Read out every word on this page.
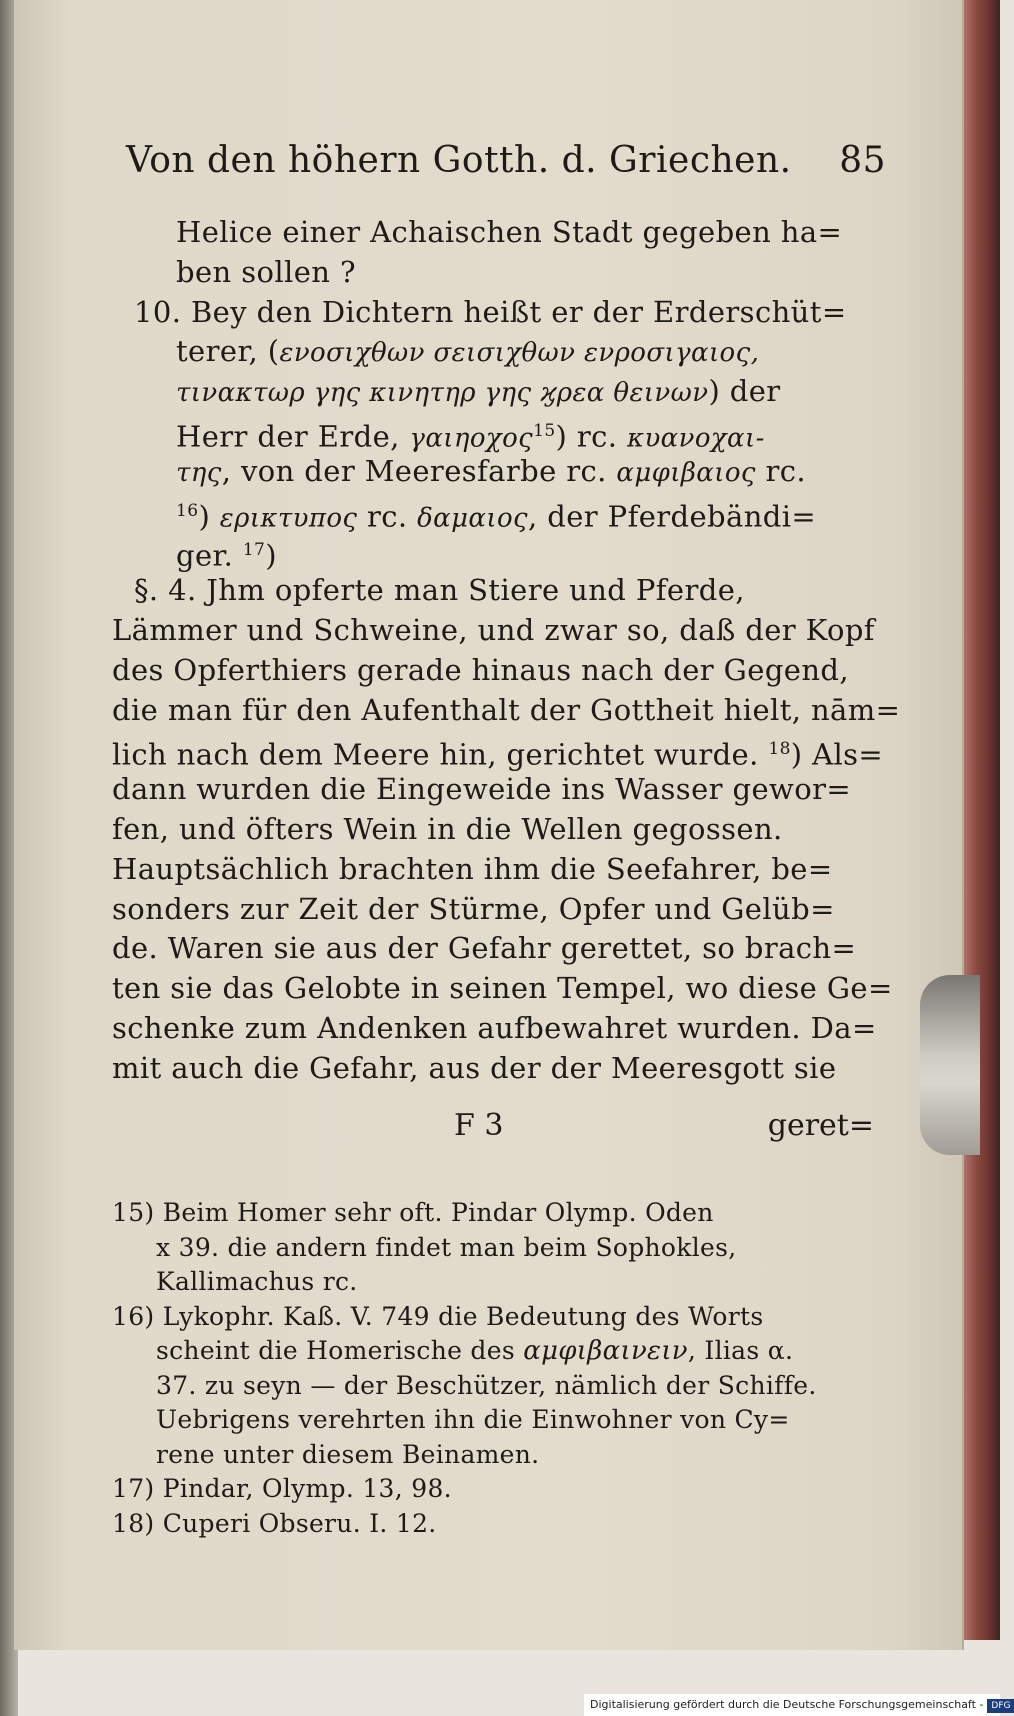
Von den höhern Gotth. d. Griechen. 85
Helice einer Achaischen Stadt gegeben ha=
ben sollen ?
10. Bey den Dichtern heißt er der Erderschüt=
terer, (ενοσιχθων σεισιχθων ενροσιγαιος,
τινακτωρ γης κινητηρ γης ϗρεα θεινων) der
Herr der Erde, γαιηοχος$^{15}$) rc. κυανοχαι-
της, von der Meeresfarbe rc. αμφιβαιος rc.
$^{16}$) ερικτυπος rc. δαμαιος, der Pferdebändi=
ger. $^{17}$)
§. 4. Jhm opferte man Stiere und Pferde,
Lämmer und Schweine, und zwar so, daß der Kopf
des Opferthiers gerade hinaus nach der Gegend,
die man für den Aufenthalt der Gottheit hielt, nām=
lich nach dem Meere hin, gerichtet wurde. $^{18}$) Als=
dann wurden die Eingeweide ins Wasser gewor=
fen, und öfters Wein in die Wellen gegossen.
Hauptsächlich brachten ihm die Seefahrer, be=
sonders zur Zeit der Stürme, Opfer und Gelüb=
de. Waren sie aus der Gefahr gerettet, so brach=
ten sie das Gelobte in seinen Tempel, wo diese Ge=
schenke zum Andenken aufbewahret wurden. Da=
mit auch die Gefahr, aus der der Meeresgott sie
F 3	geret=
15) Beim Homer sehr oft. Pindar Olymp. Oden
x 39. die andern findet man beim Sophokles,
Kallimachus rc.
16) Lykophr. Kaß. V. 749 die Bedeutung des Worts
scheint die Homerische des αμφιβαινειν, Ilias α.
37. zu seyn — der Beschützer, nämlich der Schiffe.
Uebrigens verehrten ihn die Einwohner von Cy=
rene unter diesem Beinamen.
17) Pindar, Olymp. 13, 98.
18) Cuperi Obseru. I. 12.
Digitalisierung gefördert durch die Deutsche Forschungsgemeinschaft - DFG
